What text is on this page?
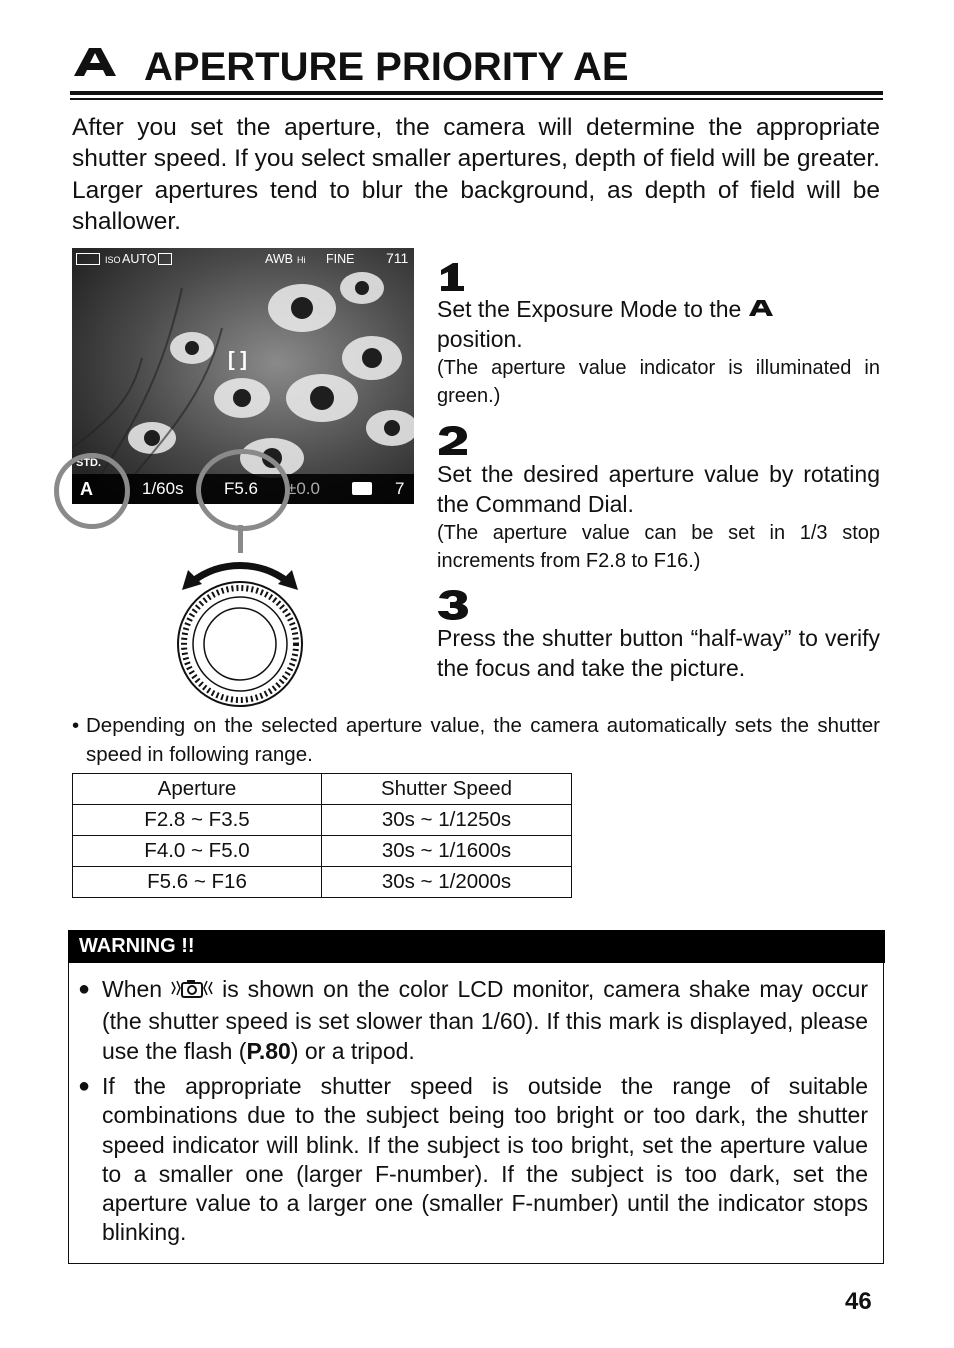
APERTURE PRIORITY AE
After you set the aperture, the camera will determine the appropriate shutter speed. If you select smaller apertures, depth of field will be greater. Larger apertures tend to blur the background, as depth of field will be shallower.
ISO AUTO	AWB Hi FINE 711
[ ]
STD.
A	1/60s F5.6 ±0.0	7
Set the Exposure Mode to the
position.
(The aperture value indicator is illuminated in green.)
Set the desired aperture value by rotating the Command Dial.
(The aperture value can be set in 1/3 stop increments from F2.8 to F16.)
Press the shutter button “half-way” to verify the focus and take the picture.
• Depending on the selected aperture value, the camera automatically sets the shutter speed in following range.
Aperture	Shutter Speed
F2.8 ~ F3.5	30s ~ 1/1250s
F4.0 ~ F5.0	30s ~ 1/1600s
F5.6 ~ F16	30s ~ 1/2000s
WARNING !!
● When	is shown on the color LCD monitor, camera shake may occur (the shutter speed is set slower than 1/60). If this mark is displayed, please use the flash (P.80) or a tripod.
● If the appropriate shutter speed is outside the range of suitable combinations due to the subject being too bright or too dark, the shutter speed indicator will blink. If the subject is too bright, set the aperture value to a smaller one (larger F-number). If the subject is too dark, set the aperture value to a larger one (smaller F-number) until the indicator stops blinking.
46
